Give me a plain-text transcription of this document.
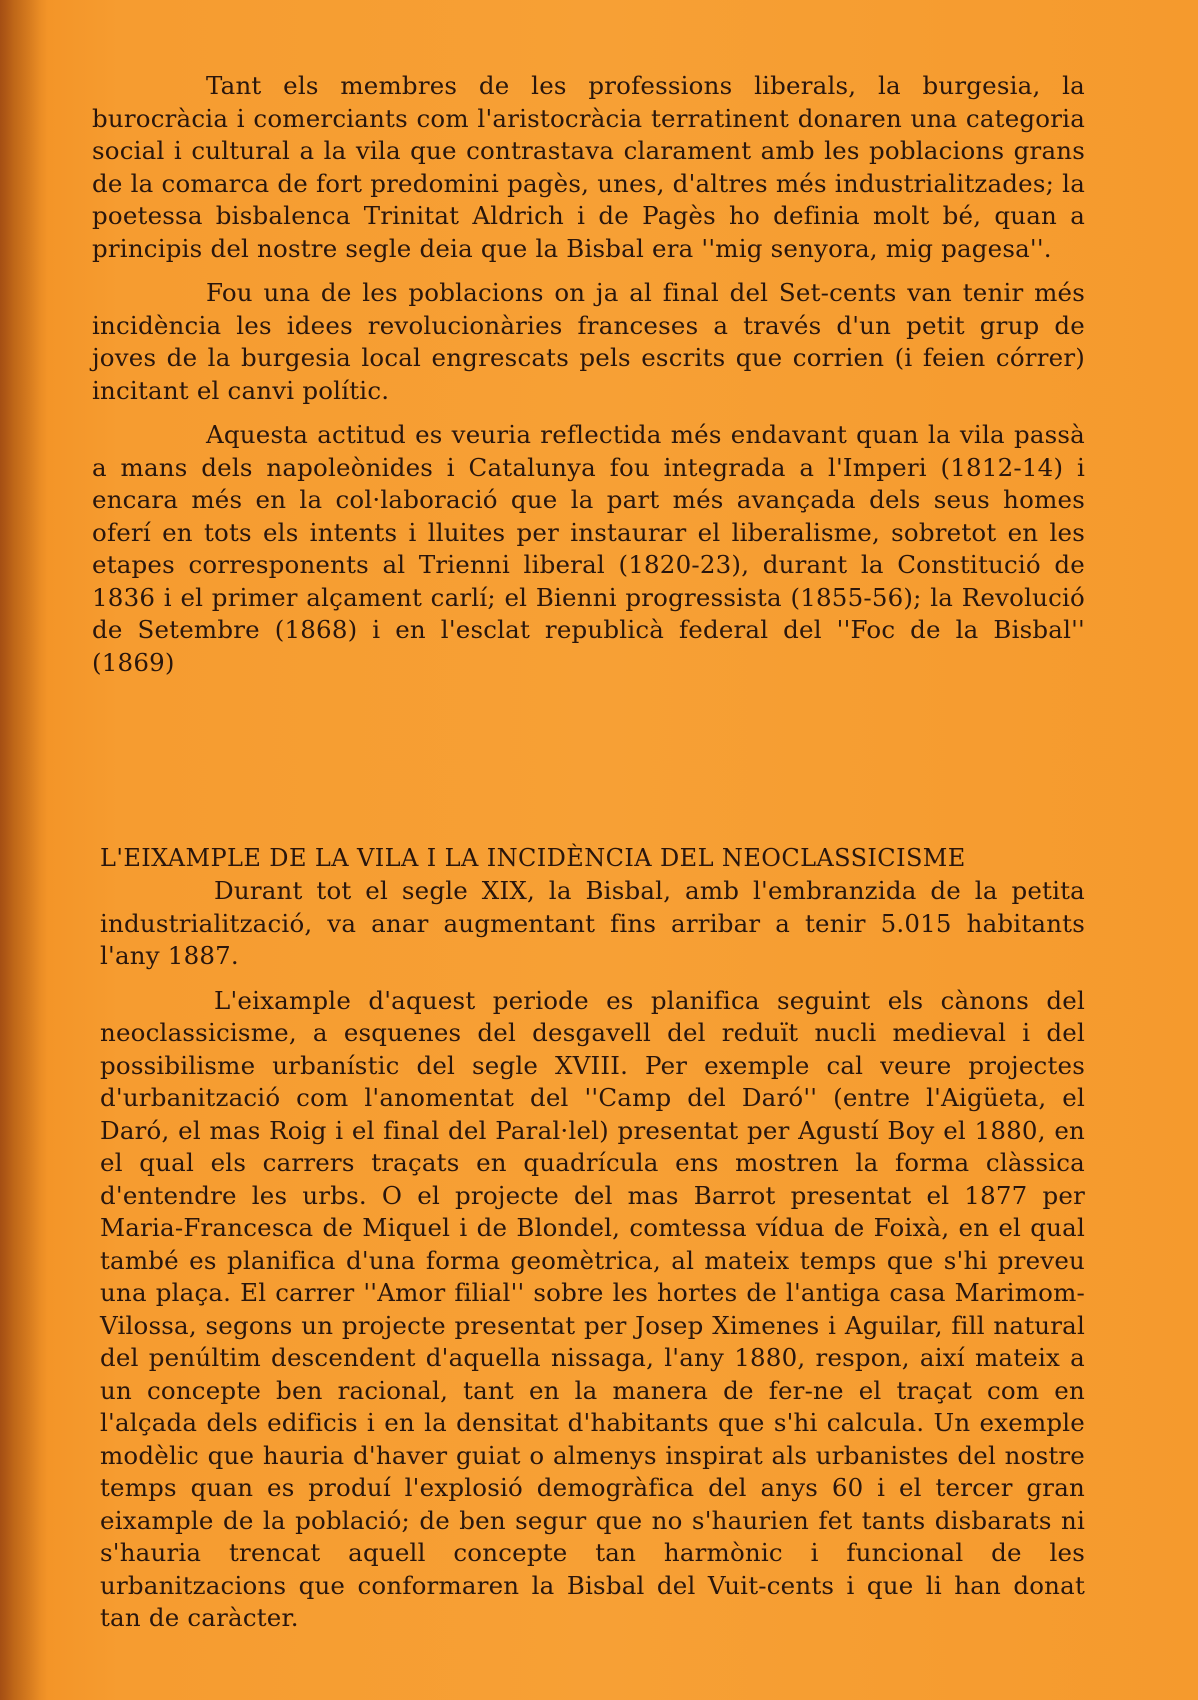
Tant els membres de les professions liberals, la burgesia, la burocràcia i comerciants com l'aristocràcia terratinent donaren una categoria social i cultural a la vila que contrastava clarament amb les poblacions grans de la comarca de fort predomini pagès, unes, d'altres més industrialitzades; la poetessa bisbalenca Trinitat Aldrich i de Pagès ho definia molt bé, quan a principis del nostre segle deia que la Bisbal era ''mig senyora, mig pagesa''.

Fou una de les poblacions on ja al final del Set-cents van tenir més incidència les idees revolucionàries franceses a través d'un petit grup de joves de la burgesia local engrescats pels escrits que corrien (i feien córrer) incitant el canvi polític.

Aquesta actitud es veuria reflectida més endavant quan la vila passà a mans dels napoleònides i Catalunya fou integrada a l'Imperi (1812-14) i encara més en la col·laboració que la part més avançada dels seus homes oferí en tots els intents i lluites per instaurar el liberalisme, sobretot en les etapes corresponents al Trienni liberal (1820-23), durant la Constitució de 1836 i el primer alçament carlí; el Bienni progressista (1855-56); la Revolució de Setembre (1868) i en l'esclat republicà federal del ''Foc de la Bisbal'' (1869)

L'EIXAMPLE DE LA VILA I LA INCIDÈNCIA DEL NEOCLASSICISME

Durant tot el segle XIX, la Bisbal, amb l'embranzida de la petita industrialització, va anar augmentant fins arribar a tenir 5.015 habitants l'any 1887.

L'eixample d'aquest periode es planifica seguint els cànons del neoclassicisme, a esquenes del desgavell del reduït nucli medieval i del possibilisme urbanístic del segle XVIII. Per exemple cal veure projectes d'urbanització com l'anomentat del ''Camp del Daró'' (entre l'Aigüeta, el Daró, el mas Roig i el final del Paral·lel) presentat per Agustí Boy el 1880, en el qual els carrers traçats en quadrícula ens mostren la forma clàssica d'entendre les urbs. O el projecte del mas Barrot presentat el 1877 per Maria-Francesca de Miquel i de Blondel, comtessa vídua de Foixà, en el qual també es planifica d'una forma geomètrica, al mateix temps que s'hi preveu una plaça. El carrer ''Amor filial'' sobre les hortes de l'antiga casa Marimom-Vilossa, segons un projecte presentat per Josep Ximenes i Aguilar, fill natural del penúltim descendent d'aquella nissaga, l'any 1880, respon, així mateix a un concepte ben racional, tant en la manera de fer-ne el traçat com en l'alçada dels edificis i en la densitat d'habitants que s'hi calcula. Un exemple modèlic que hauria d'haver guiat o almenys inspirat als urbanistes del nostre temps quan es produí l'explosió demogràfica del anys 60 i el tercer gran eixample de la població; de ben segur que no s'haurien fet tants disbarats ni s'hauria trencat aquell concepte tan harmònic i funcional de les urbanitzacions que conformaren la Bisbal del Vuit-cents i que li han donat tan de caràcter.
